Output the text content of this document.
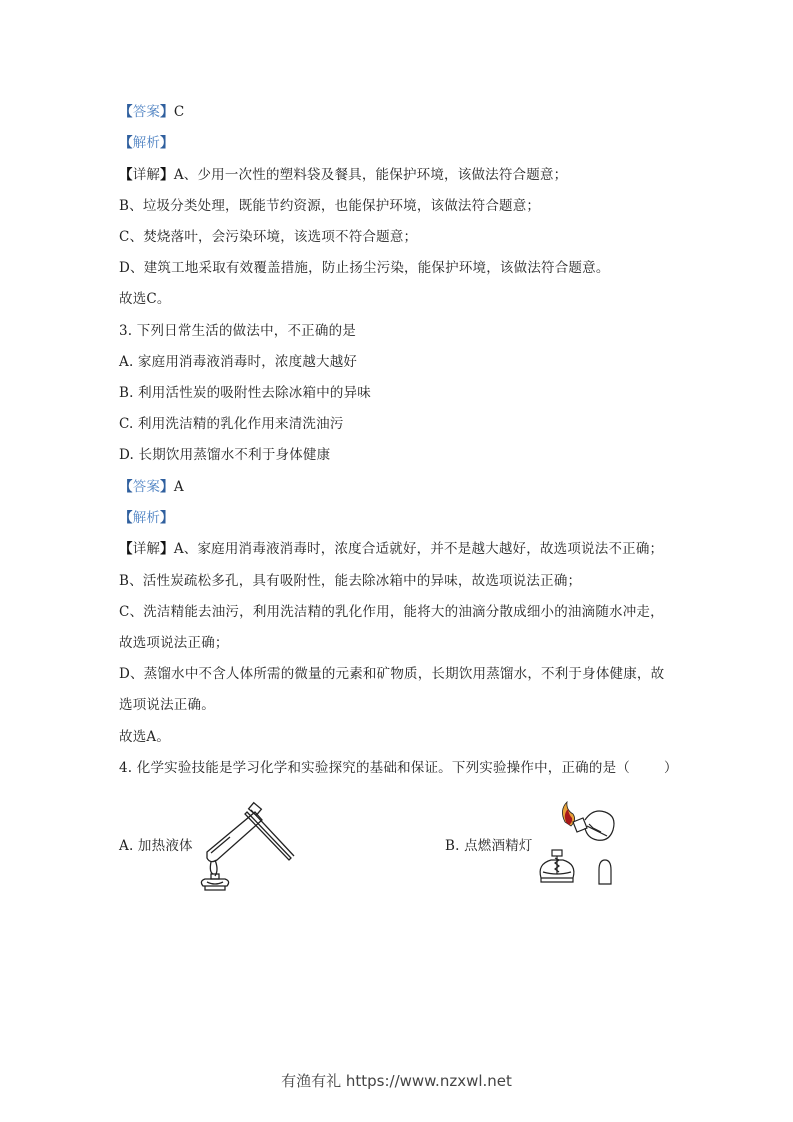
【答案】C
【解析】
【详解】A、少用一次性的塑料袋及餐具，能保护环境，该做法符合题意；
B、垃圾分类处理，既能节约资源，也能保护环境，该做法符合题意；
C、焚烧落叶，会污染环境，该选项不符合题意；
D、建筑工地采取有效覆盖措施，防止扬尘污染，能保护环境，该做法符合题意。
故选C。
3. 下列日常生活的做法中，不正确的是
A. 家庭用消毒液消毒时，浓度越大越好
B. 利用活性炭的吸附性去除冰箱中的异味
C. 利用洗洁精的乳化作用来清洗油污
D. 长期饮用蒸馏水不利于身体健康
【答案】A
【解析】
【详解】A、家庭用消毒液消毒时，浓度合适就好，并不是越大越好，故选项说法不正确；
B、活性炭疏松多孔，具有吸附性，能去除冰箱中的异味，故选项说法正确；
C、洗洁精能去油污，利用洗洁精的乳化作用，能将大的油滴分散成细小的油滴随水冲走，
故选项说法正确；
D、蒸馏水中不含人体所需的微量的元素和矿物质，长期饮用蒸馏水，不利于身体健康，故
选项说法正确。
故选A。
4. 化学实验技能是学习化学和实验探究的基础和保证。下列实验操作中，正确的是（	）
A. 加热液体	B. 点燃酒精灯
有渔有礼 https://www.nzxwl.net
